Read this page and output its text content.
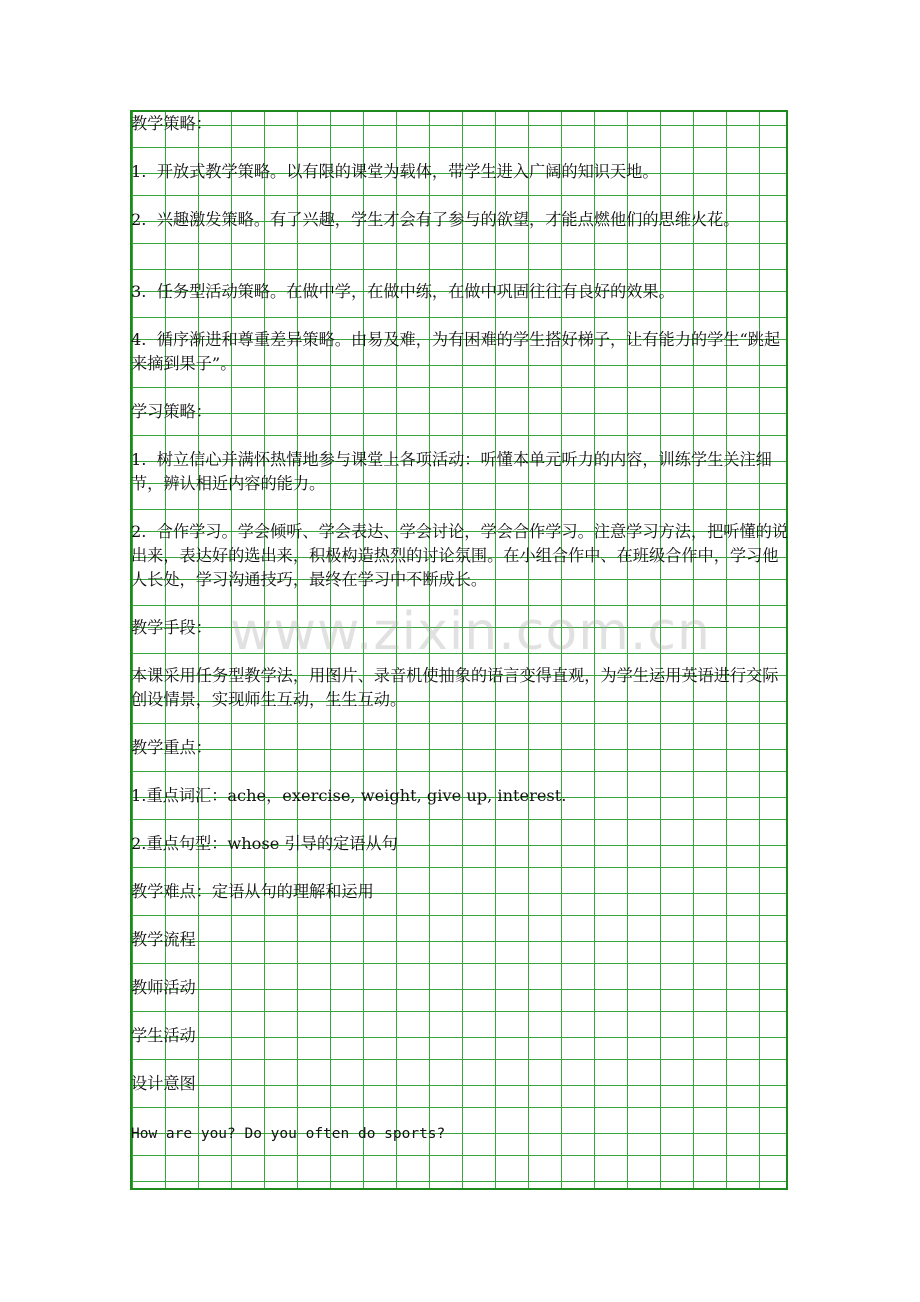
www.zixin.com.cn

教学策略：

1.  开放式教学策略。以有限的课堂为载体，带学生进入广阔的知识天地。

2.  兴趣激发策略。有了兴趣，学生才会有了参与的欲望，才能点燃他们的思维火花。

3.  任务型活动策略。在做中学，在做中练，在做中巩固往往有良好的效果。

4.  循序渐进和尊重差异策略。由易及难，为有困难的学生搭好梯子，让有能力的学生“跳起来摘到果子”。

学习策略：

1.  树立信心并满怀热情地参与课堂上各项活动：听懂本单元听力的内容，训练学生关注细节，辨认相近内容的能力。

2.  合作学习。学会倾听、学会表达、学会讨论，学会合作学习。注意学习方法，把听懂的说出来，表达好的选出来，积极构造热烈的讨论氛围。在小组合作中、在班级合作中，学习他人长处，学习沟通技巧，最终在学习中不断成长。

教学手段：

本课采用任务型教学法，用图片、录音机使抽象的语言变得直观，为学生运用英语进行交际创设情景，实现师生互动，生生互动。

教学重点：

1.重点词汇：ache，exercise, weight, give up, interest.

2.重点句型：whose 引导的定语从句

教学难点：定语从句的理解和运用

教学流程

教师活动

学生活动

设计意图

How are you? Do you often do sports?
